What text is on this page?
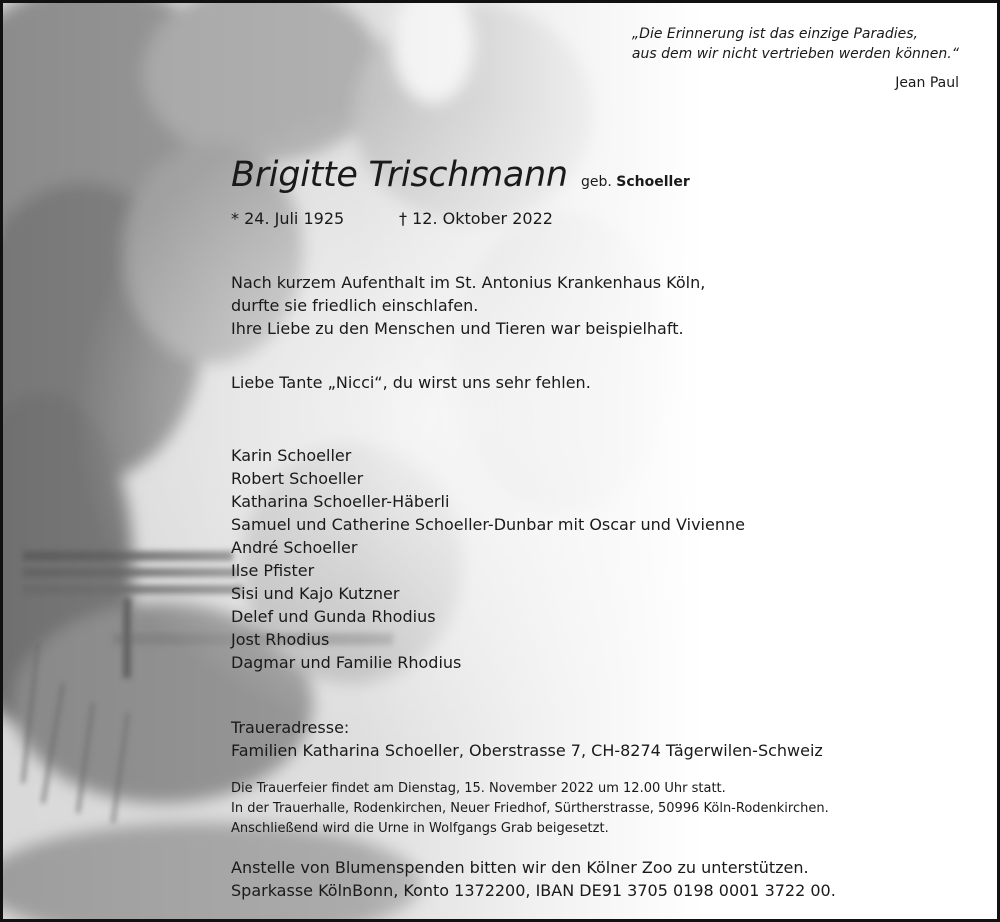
„Die Erinnerung ist das einzige Paradies,
aus dem wir nicht vertrieben werden können.“
Jean Paul
Brigitte Trischmann geb. Schoeller
* 24. Juli 1925	† 12. Oktober 2022
Nach kurzem Aufenthalt im St. Antonius Krankenhaus Köln,
durfte sie friedlich einschlafen.
Ihre Liebe zu den Menschen und Tieren war beispielhaft.
Liebe Tante „Nicci“, du wirst uns sehr fehlen.
Karin Schoeller
Robert Schoeller
Katharina Schoeller-Häberli
Samuel und Catherine Schoeller-Dunbar mit Oscar und Vivienne
André Schoeller
Ilse Pfister
Sisi und Kajo Kutzner
Delef und Gunda Rhodius
Jost Rhodius
Dagmar und Familie Rhodius
Traueradresse:
Familien Katharina Schoeller, Oberstrasse 7, CH-8274 Tägerwilen-Schweiz
Die Trauerfeier findet am Dienstag, 15. November 2022 um 12.00 Uhr statt.
In der Trauerhalle, Rodenkirchen, Neuer Friedhof, Sürtherstrasse, 50996 Köln-Rodenkirchen.
Anschließend wird die Urne in Wolfgangs Grab beigesetzt.
Anstelle von Blumenspenden bitten wir den Kölner Zoo zu unterstützen.
Sparkasse KölnBonn, Konto 1372200, IBAN DE91 3705 0198 0001 3722 00.
